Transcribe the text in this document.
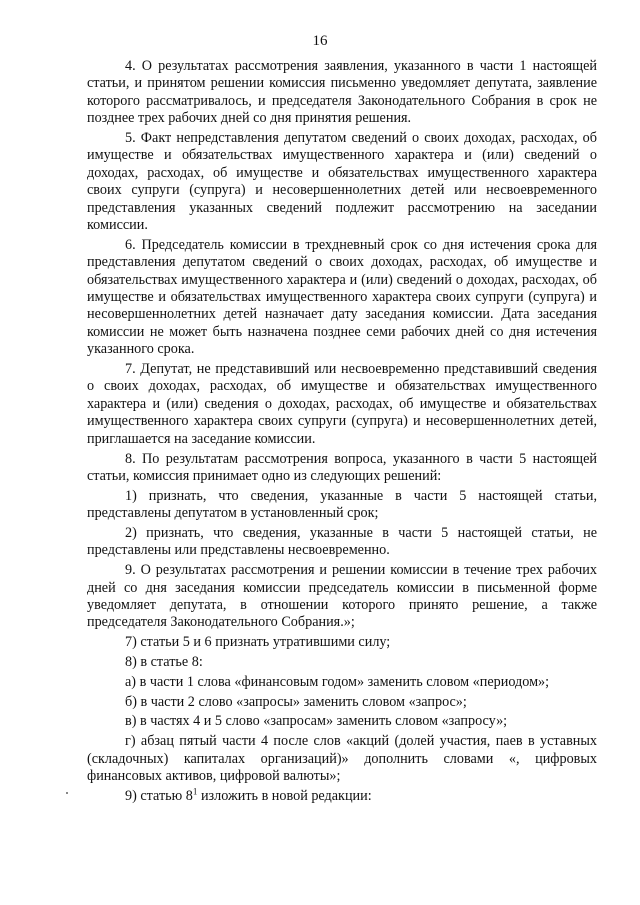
16

4. О результатах рассмотрения заявления, указанного в части 1 настоящей статьи, и принятом решении комиссия письменно уведомляет депутата, заявление которого рассматривалось, и председателя Законодательного Собрания в срок не позднее трех рабочих дней со дня принятия решения.

5. Факт непредставления депутатом сведений о своих доходах, расходах, об имуществе и обязательствах имущественного характера и (или) сведений о доходах, расходах, об имуществе и обязательствах имущественного характера своих супруги (супруга) и несовершеннолетних детей или несвоевременного представления указанных сведений подлежит рассмотрению на заседании комиссии.

6. Председатель комиссии в трехдневный срок со дня истечения срока для представления депутатом сведений о своих доходах, расходах, об имуществе и обязательствах имущественного характера и (или) сведений о доходах, расходах, об имуществе и обязательствах имущественного характера своих супруги (супруга) и несовершеннолетних детей назначает дату заседания комиссии. Дата заседания комиссии не может быть назначена позднее семи рабочих дней со дня истечения указанного срока.

7. Депутат, не представивший или несвоевременно представивший сведения о своих доходах, расходах, об имуществе и обязательствах имущественного характера и (или) сведения о доходах, расходах, об имуществе и обязательствах имущественного характера своих супруги (супруга) и несовершеннолетних детей, приглашается на заседание комиссии.

8. По результатам рассмотрения вопроса, указанного в части 5 настоящей статьи, комиссия принимает одно из следующих решений:

1) признать, что сведения, указанные в части 5 настоящей статьи, представлены депутатом в установленный срок;

2) признать, что сведения, указанные в части 5 настоящей статьи, не представлены или представлены несвоевременно.

9. О результатах рассмотрения и решении комиссии в течение трех рабочих дней со дня заседания комиссии председатель комиссии в письменной форме уведомляет депутата, в отношении которого принято решение, а также председателя Законодательного Собрания.»;

7) статьи 5 и 6 признать утратившими силу;

8) в статье 8:

а) в части 1 слова «финансовым годом» заменить словом «периодом»;

б) в части 2 слово «запросы» заменить словом «запрос»;

в) в частях 4 и 5 слово «запросам» заменить словом «запросу»;

г) абзац пятый части 4 после слов «акций (долей участия, паев в уставных (складочных) капиталах организаций)» дополнить словами «, цифровых финансовых активов, цифровой валюты»;

9) статью $8^1$ изложить в новой редакции:
